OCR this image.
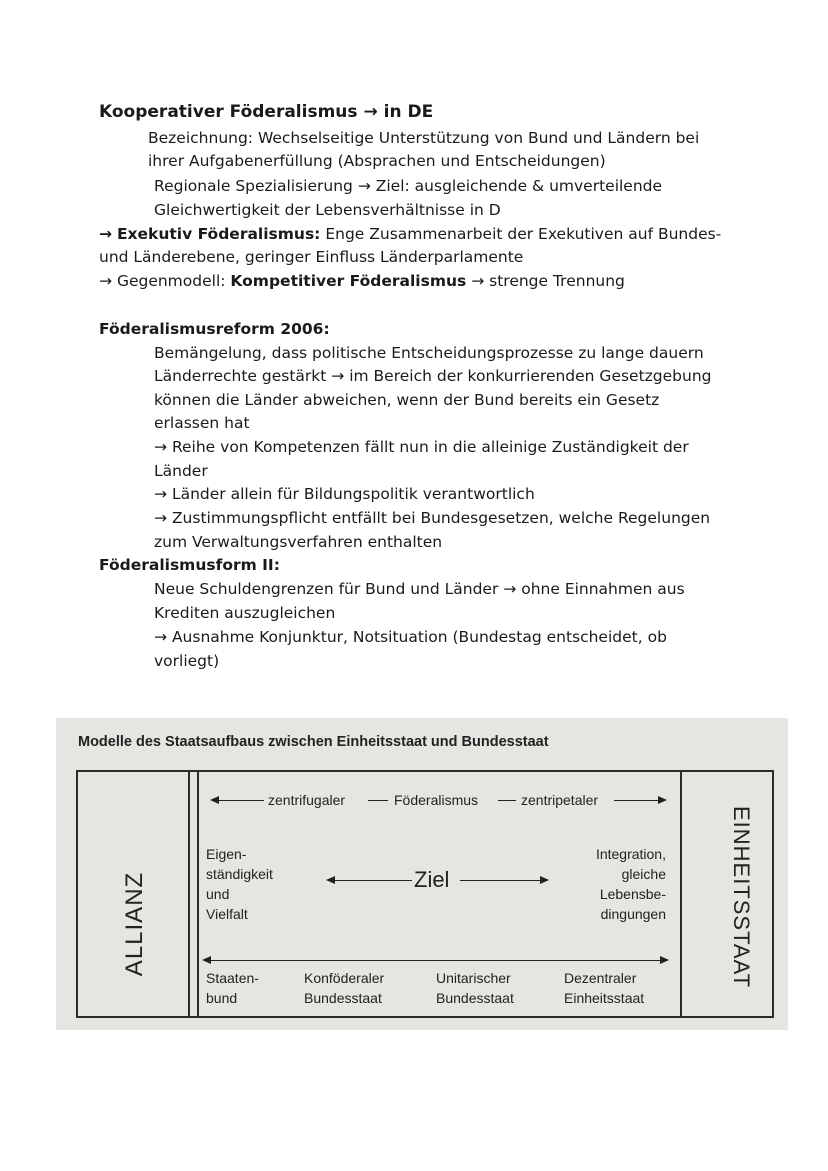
Kooperativer Föderalismus → in DE
Bezeichnung: Wechselseitige Unterstützung von Bund und Ländern bei
ihrer Aufgabenerfüllung (Absprachen und Entscheidungen)
Regionale Spezialisierung → Ziel: ausgleichende & umverteilende
Gleichwertigkeit der Lebensverhältnisse in D
→ Exekutiv Föderalismus: Enge Zusammenarbeit der Exekutiven auf Bundes-
und Länderebene, geringer Einfluss Länderparlamente
→ Gegenmodell: Kompetitiver Föderalismus → strenge Trennung
Föderalismusreform 2006:
Bemängelung, dass politische Entscheidungsprozesse zu lange dauern
Länderrechte gestärkt → im Bereich der konkurrierenden Gesetzgebung
können die Länder abweichen, wenn der Bund bereits ein Gesetz
erlassen hat
→ Reihe von Kompetenzen fällt nun in die alleinige Zuständigkeit der
Länder
→ Länder allein für Bildungspolitik verantwortlich
→ Zustimmungspflicht entfällt bei Bundesgesetzen, welche Regelungen
zum Verwaltungsverfahren enthalten
Föderalismusform II:
Neue Schuldengrenzen für Bund und Länder → ohne Einnahmen aus
Krediten auszugleichen
→ Ausnahme Konjunktur, Notsituation (Bundestag entscheidet, ob
vorliegt)
Modelle des Staatsaufbaus zwischen Einheitsstaat und Bundesstaat
ALLIANZ	EINHEITSSTAAT
zentrifugaler	Föderalismus	zentripetaler
Eigen-
ständigkeit
und
Vielfalt
Ziel
Integration,
gleiche
Lebensbe-
dingungen
Staaten-
bund
Konföderaler
Bundesstaat
Unitarischer
Bundesstaat
Dezentraler
Einheitsstaat
